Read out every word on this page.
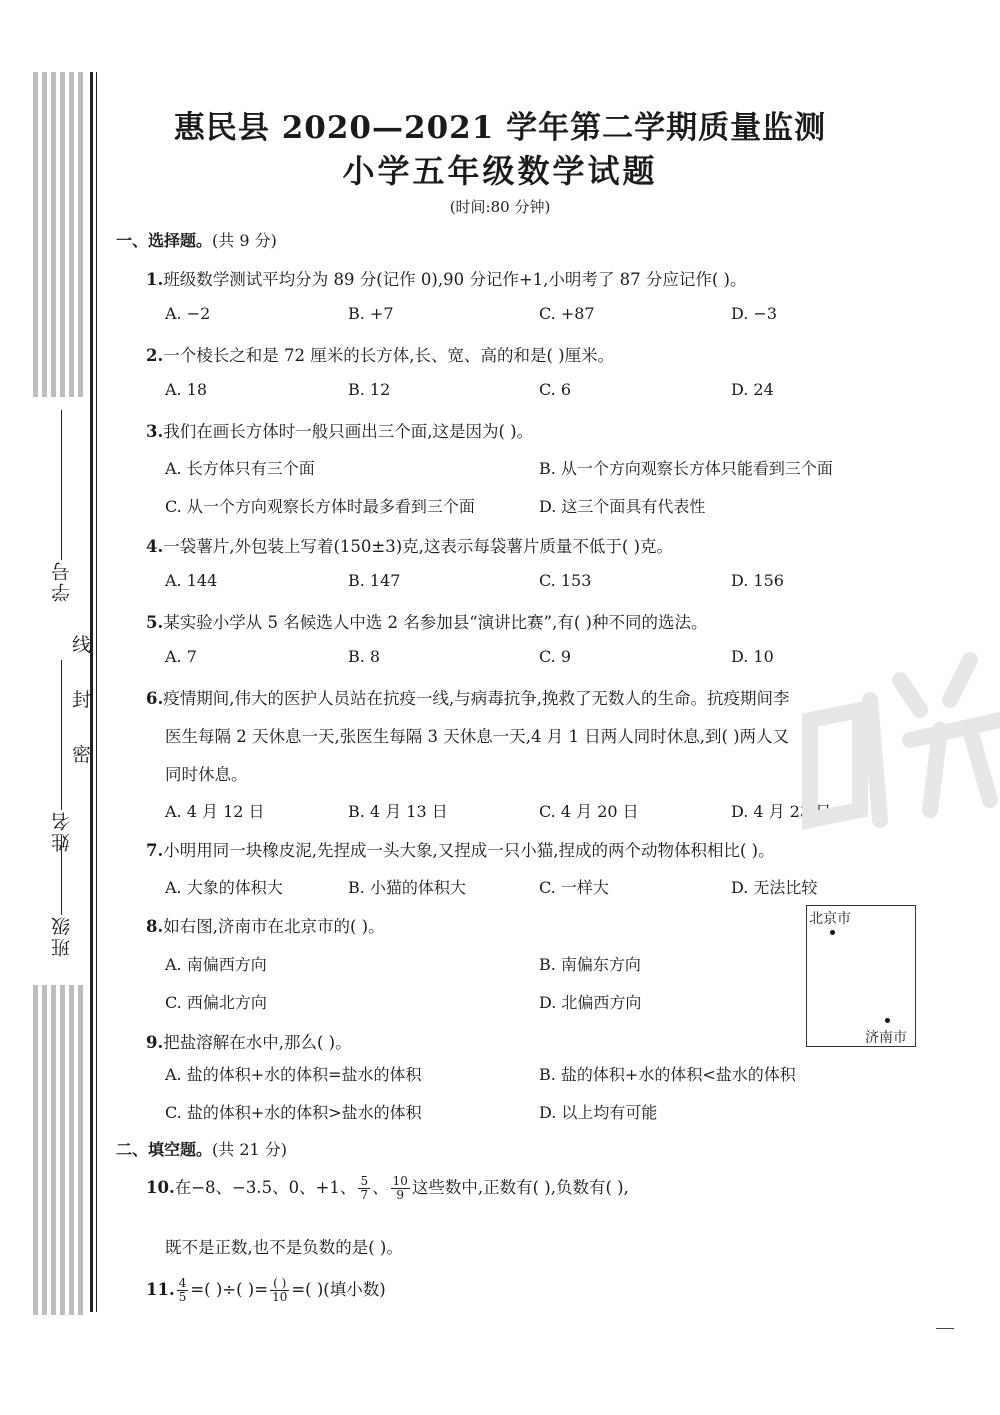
学号
姓名
班级
密
封
线
惠民县 2020—2021 学年第二学期质量监测
小学五年级数学试题
(时间:80 分钟)
一、选择题。(共 9 分)
1.班级数学测试平均分为 89 分(记作 0),90 分记作+1,小明考了 87 分应记作( )。
A. −2	B. +7	C. +87	D. −3
2.一个棱长之和是 72 厘米的长方体,长、宽、高的和是( )厘米。
A. 18	B. 12	C. 6	D. 24
3.我们在画长方体时一般只画出三个面,这是因为( )。
A. 长方体只有三个面	B. 从一个方向观察长方体只能看到三个面
C. 从一个方向观察长方体时最多看到三个面	D. 这三个面具有代表性
4.一袋薯片,外包装上写着(150±3)克,这表示每袋薯片质量不低于( )克。
A. 144	B. 147	C. 153	D. 156
5.某实验小学从 5 名候选人中选 2 名参加县“演讲比赛”,有( )种不同的选法。
A. 7	B. 8	C. 9	D. 10
6.疫情期间,伟大的医护人员站在抗疫一线,与病毒抗争,挽救了无数人的生命。抗疫期间李
医生每隔 2 天休息一天,张医生每隔 3 天休息一天,4 月 1 日两人同时休息,到( )两人又
同时休息。
A. 4 月 12 日	B. 4 月 13 日	C. 4 月 20 日	D. 4 月 23 日
7.小明用同一块橡皮泥,先捏成一头大象,又捏成一只小猫,捏成的两个动物体积相比( )。
A. 大象的体积大	B. 小猫的体积大	C. 一样大	D. 无法比较
8.如右图,济南市在北京市的( )。
A. 南偏西方向	B. 南偏东方向
C. 西偏北方向	D. 北偏西方向
北京市
济南市
9.把盐溶解在水中,那么( )。
A. 盐的体积+水的体积=盐水的体积	B. 盐的体积+水的体积<盐水的体积
C. 盐的体积+水的体积>盐水的体积	D. 以上均有可能
二、填空题。(共 21 分)
10.在−8、−3.5、0、+1、 $\frac{5}{7}$ 、 $\frac{10}{9}$ 这些数中,正数有( ),负数有( ),
既不是正数,也不是负数的是( )。
11. $\frac{4}{5}$ =( )÷( )= $\frac{( )}{10}$ =( )(填小数)
